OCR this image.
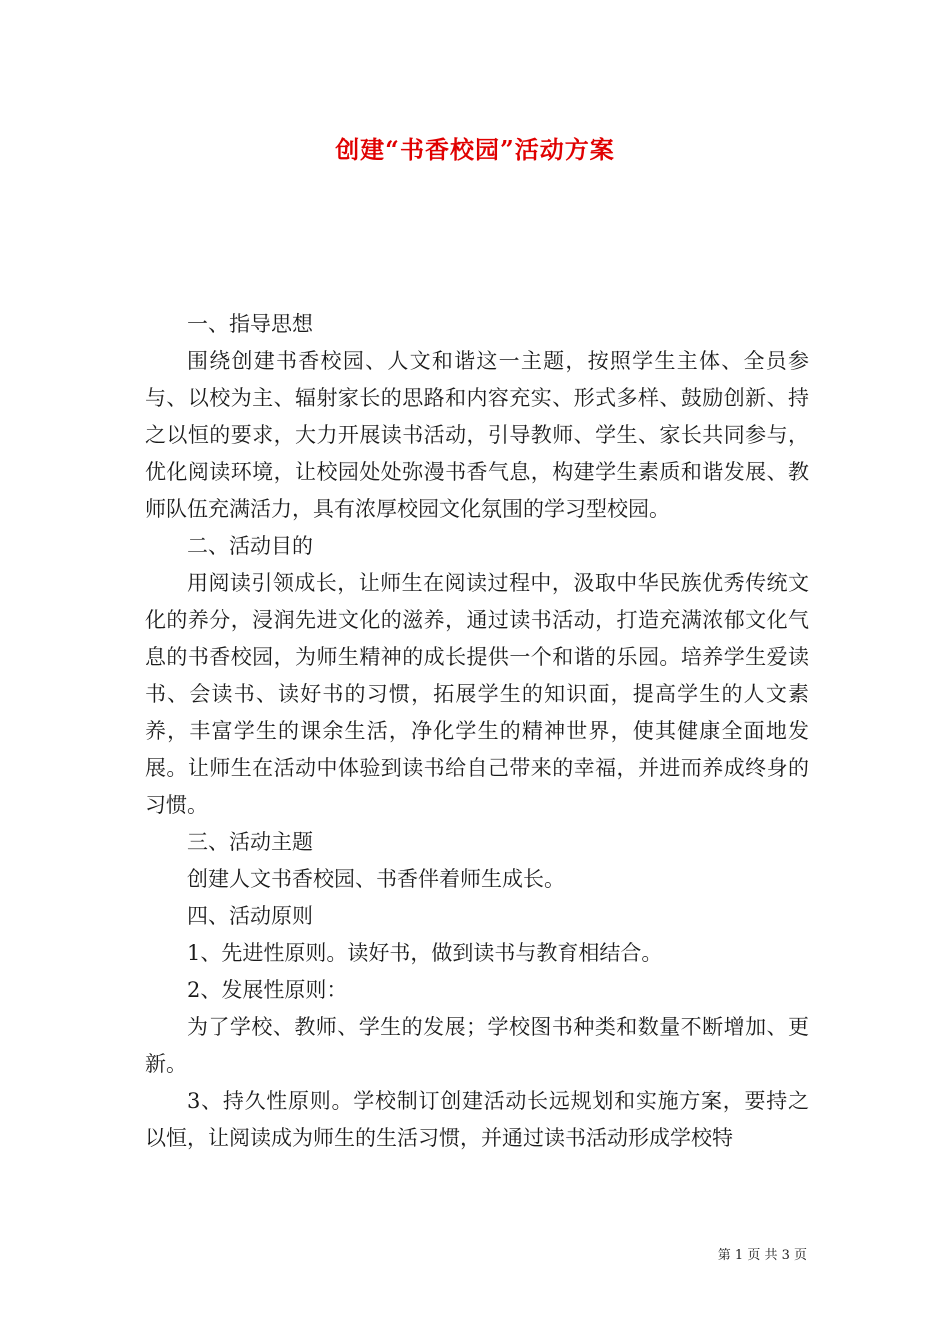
创建“书香校园”活动方案

一、指导思想

围绕创建书香校园、人文和谐这一主题，按照学生主体、全员参与、以校为主、辐射家长的思路和内容充实、形式多样、鼓励创新、持之以恒的要求，大力开展读书活动，引导教师、学生、家长共同参与，优化阅读环境，让校园处处弥漫书香气息，构建学生素质和谐发展、教师队伍充满活力，具有浓厚校园文化氛围的学习型校园。

二、活动目的

用阅读引领成长，让师生在阅读过程中，汲取中华民族优秀传统文化的养分，浸润先进文化的滋养，通过读书活动，打造充满浓郁文化气息的书香校园，为师生精神的成长提供一个和谐的乐园。培养学生爱读书、会读书、读好书的习惯，拓展学生的知识面，提高学生的人文素养，丰富学生的课余生活，净化学生的精神世界，使其健康全面地发展。让师生在活动中体验到读书给自己带来的幸福，并进而养成终身的习惯。

三、活动主题

创建人文书香校园、书香伴着师生成长。

四、活动原则

1、先进性原则。读好书，做到读书与教育相结合。

2、发展性原则：

为了学校、教师、学生的发展；学校图书种类和数量不断增加、更新。

3、持久性原则。学校制订创建活动长远规划和实施方案，要持之以恒，让阅读成为师生的生活习惯，并通过读书活动形成学校特

第 1 页 共 3 页
